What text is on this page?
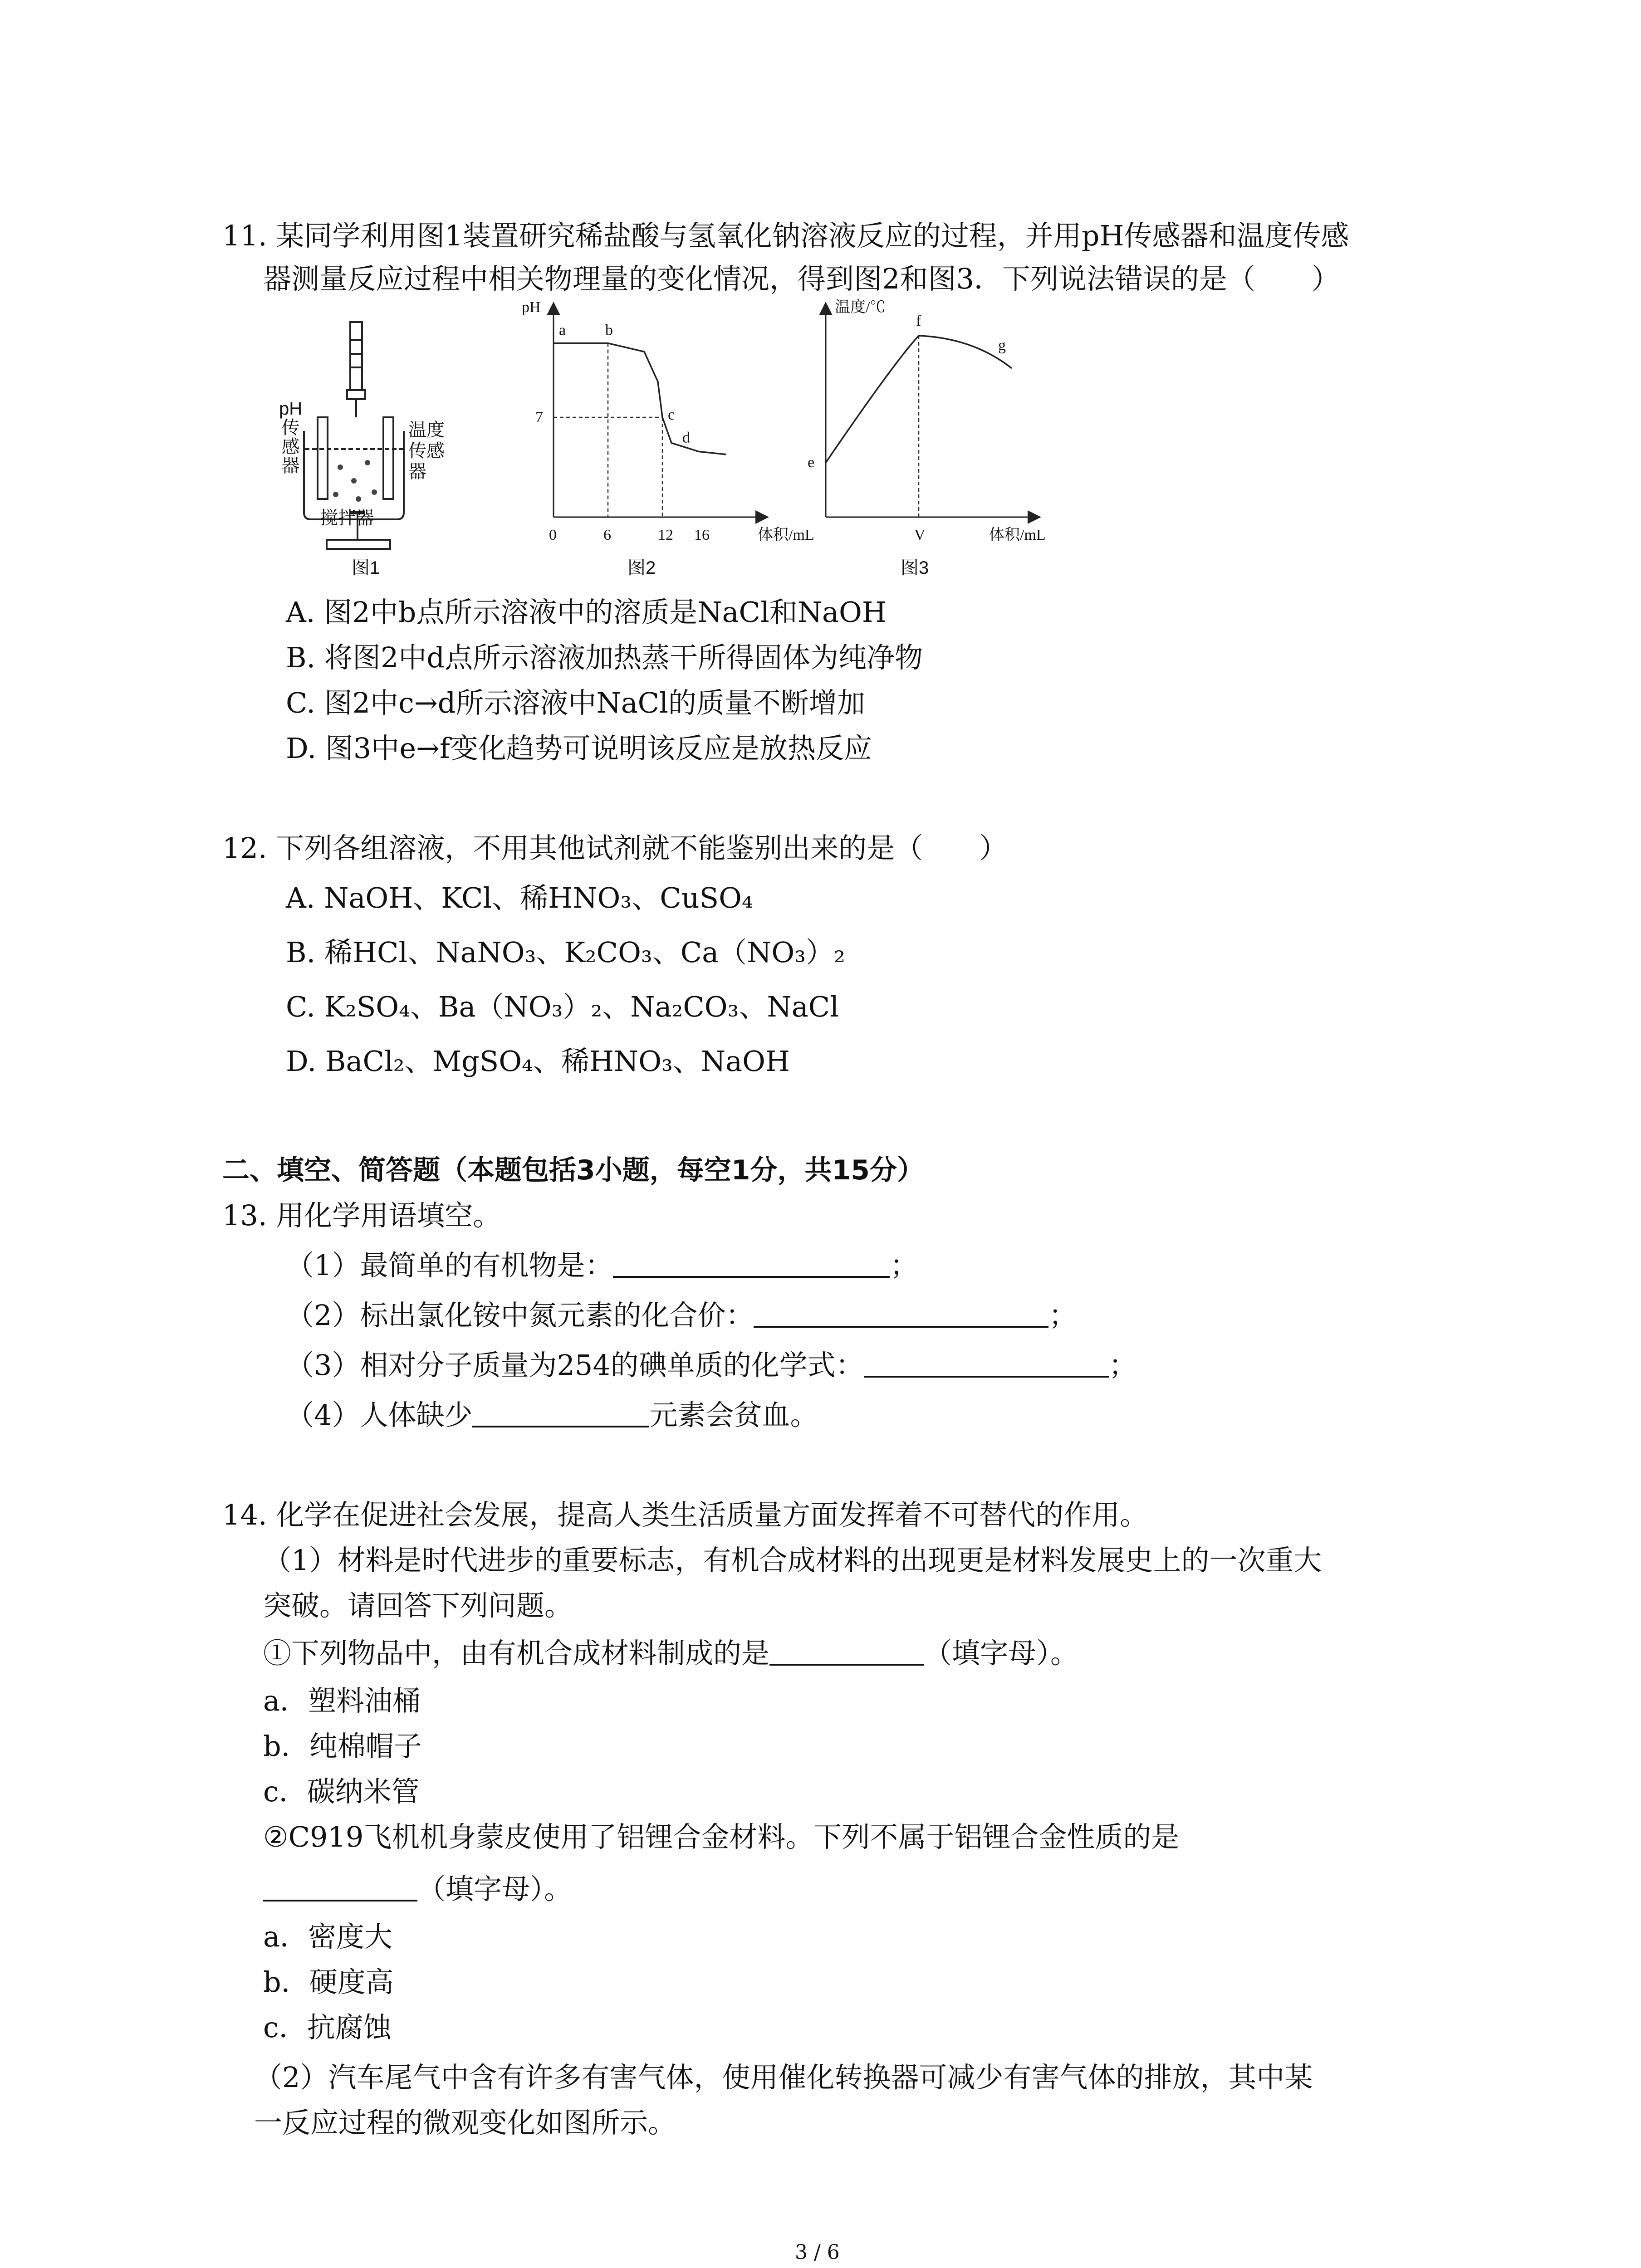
11. 某同学利用图1装置研究稀盐酸与氢氧化钠溶液反应的过程，并用pH传感器和温度传感
器测量反应过程中相关物理量的变化情况，得到图2和图3．下列说法错误的是（　　）
pH
传
感
器
温度
传感
器
搅拌器
图1
pH
体积/mL
0	6	12 16
7
a	b
c
d
图2
温度/℃
体积/mL
V
e
f
g
图3
A. 图2中b点所示溶液中的溶质是NaCl和NaOH
B. 将图2中d点所示溶液加热蒸干所得固体为纯净物
C. 图2中c→d所示溶液中NaCl的质量不断增加
D. 图3中e→f变化趋势可说明该反应是放热反应
12. 下列各组溶液，不用其他试剂就不能鉴别出来的是（　　）
A. NaOH、KCl、稀HNO₃、CuSO₄
B. 稀HCl、NaNO₃、K₂CO₃、Ca（NO₃）₂
C. K₂SO₄、Ba（NO₃）₂、Na₂CO₃、NaCl
D. BaCl₂、MgSO₄、稀HNO₃、NaOH
二、填空、简答题（本题包括3小题，每空1分，共15分）
13. 用化学用语填空。
（1）最简单的有机物是：	；
（2）标出氯化铵中氮元素的化合价：	；
（3）相对分子质量为254的碘单质的化学式：	；
（4）人体缺少	元素会贫血。
14. 化学在促进社会发展，提高人类生活质量方面发挥着不可替代的作用。
（1）材料是时代进步的重要标志，有机合成材料的出现更是材料发展史上的一次重大
突破。请回答下列问题。
①下列物品中，由有机合成材料制成的是	（填字母）。
a．塑料油桶
b．纯棉帽子
c．碳纳米管
②C919飞机机身蒙皮使用了铝锂合金材料。下列不属于铝锂合金性质的是
（填字母）。
a．密度大
b．硬度高
c．抗腐蚀
（2）汽车尾气中含有许多有害气体，使用催化转换器可减少有害气体的排放，其中某
一反应过程的微观变化如图所示。
3 / 6
